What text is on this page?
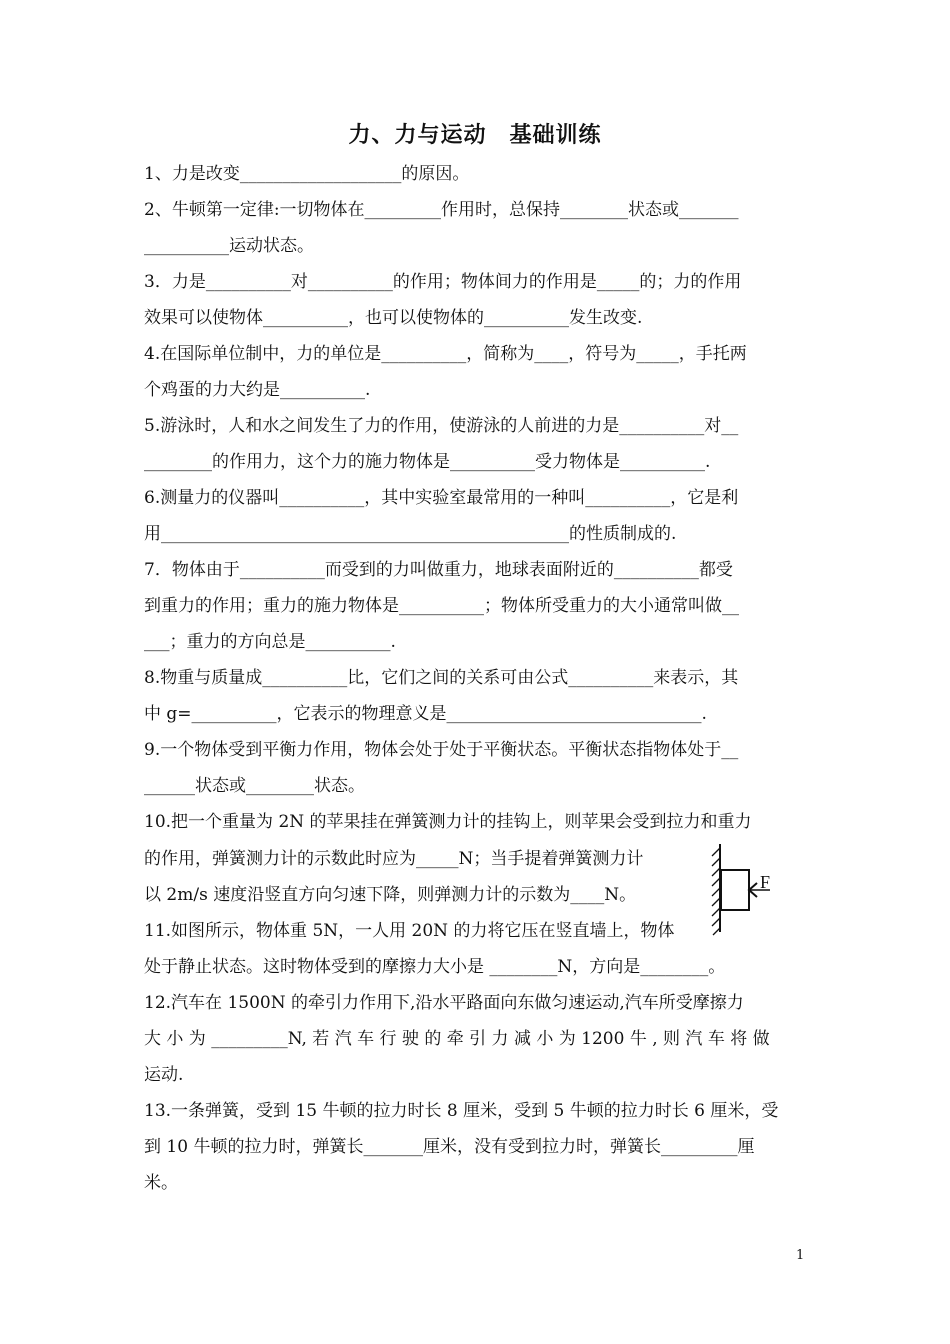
力、力与运动　基础训练
1、力是改变___________________的原因。
2、牛顿第一定律:一切物体在_________作用时，总保持________状态或_______
__________运动状态。
3．力是__________对__________的作用；物体间力的作用是_____的；力的作用
效果可以使物体__________，也可以使物体的__________发生改变.
4.在国际单位制中，力的单位是__________，简称为____，符号为_____，手托两
个鸡蛋的力大约是__________.
5.游泳时，人和水之间发生了力的作用，使游泳的人前进的力是__________对__
________的作用力，这个力的施力物体是__________受力物体是__________.
6.测量力的仪器叫__________，其中实验室最常用的一种叫__________，它是利
用________________________________________________的性质制成的.
7．物体由于__________而受到的力叫做重力，地球表面附近的__________都受
到重力的作用；重力的施力物体是__________；物体所受重力的大小通常叫做__
___；重力的方向总是__________.
8.物重与质量成__________比，它们之间的关系可由公式__________来表示，其
中 g=__________，它表示的物理意义是______________________________.
9.一个物体受到平衡力作用，物体会处于处于平衡状态。平衡状态指物体处于__
______状态或________状态。
10.把一个重量为 2N 的苹果挂在弹簧测力计的挂钩上，则苹果会受到拉力和重力
的作用，弹簧测力计的示数此时应为_____N；当手提着弹簧测力计
以 2m/s 速度沿竖直方向匀速下降，则弹测力计的示数为____N。
11.如图所示，物体重 5N，一人用 20N 的力将它压在竖直墙上，物体
处于静止状态。这时物体受到的摩擦力大小是 ________N，方向是________。
12.汽车在 1500N 的牵引力作用下,沿水平路面向东做匀速运动,汽车所受摩擦力
大 小 为 _________N, 若 汽 车 行 驶 的 牵 引 力 减 小 为 1200 牛 , 则 汽 车 将 做
运动.
13.一条弹簧，受到 15 牛顿的拉力时长 8 厘米，受到 5 牛顿的拉力时长 6 厘米，受
到 10 牛顿的拉力时，弹簧长_______厘米，没有受到拉力时，弹簧长_________厘
米。
F
1
